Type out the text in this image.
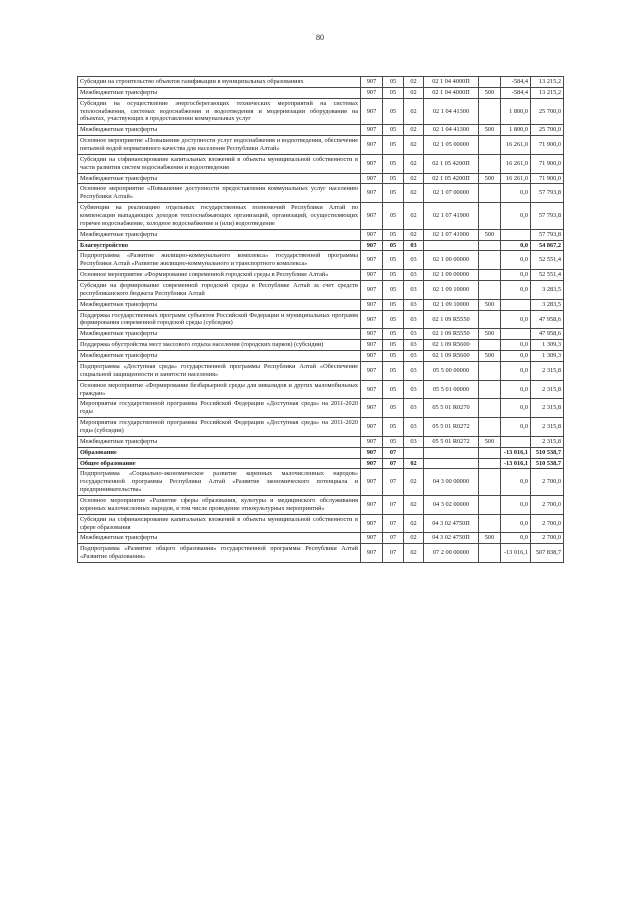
80
Субсидии на строительство объектов газификации в муниципальных образованиях	907	05	02	02 1 04 4000П		-584,4	13 215,2
Межбюджетные трансферты	907	05	02	02 1 04 4000П	500	-584,4	13 215,2
Субсидии на осуществление энергосберегающих технических мероприятий на системах теплоснабжения, системах водоснабжения и водоотведения и модернизации оборудования на объектах, участвующих в предоставлении коммунальных услуг	907	05	02	02 1 04 41300		1 800,0	25 700,0
Межбюджетные трансферты	907	05	02	02 1 04 41300	500	1 800,0	25 700,0
Основное мероприятие «Повышение доступности услуг водоснабжения и водоотведения, обеспечение питьевой водой нормативного качества для населения Республики Алтай»	907	05	02	02 1 05 00000		16 261,0	71 900,0
Субсидии на софинансирование капитальных вложений в объекты муниципальной собственности в части развития систем водоснабжения и водоотведения	907	05	02	02 1 05 4200П		16 261,0	71 900,0
Межбюджетные трансферты	907	05	02	02 1 05 4200П	500	16 261,0	71 900,0
Основное мероприятие «Повышение доступности предоставления коммунальных услуг населению Республики Алтай»	907	05	02	02 1 07 00000		0,0	57 793,8
Субвенции на реализацию отдельных государственных полномочий Республики Алтай по компенсации выпадающих доходов теплоснабжающих организаций, организаций, осуществляющих горячее водоснабжение, холодное водоснабжение и (или) водоотведение	907	05	02	02 1 07 41900		0,0	57 793,8
Межбюджетные трансферты	907	05	02	02 1 07 41900	500		57 793,8
Благоустройство	907	05	03			0,0	54 867,2
Подпрограмма «Развитие жилищно-коммунального комплекса» государственной программы Республики Алтай «Развитие жилищно-коммунального и транспортного комплекса»	907	05	03	02 1 00 00000		0,0	52 551,4
Основное мероприятие «Формирование современной городской среды в Республике Алтай»	907	05	03	02 1 09 00000		0,0	52 551,4
Субсидии на формирование современной городской среды в Республике Алтай за счет средств республиканского бюджета Республики Алтай	907	05	03	02 1 09 10000		0,0	3 283,5
Межбюджетные трансферты	907	05	03	02 1 09 10000	500		3 283,5
Поддержка государственных программ субъектов Российской Федерации и муниципальных программ формирования современной городской среды (субсидии)	907	05	03	02 1 09 R5550		0,0	47 958,6
Межбюджетные трансферты	907	05	03	02 1 09 R5550	500		47 958,6
Поддержка обустройства мест массового отдыха населения (городских парков) (субсидии)	907	05	03	02 1 09 R5600		0,0	1 309,3
Межбюджетные трансферты	907	05	03	02 1 09 R5600	500	0,0	1 309,3
Подпрограмма «Доступная среда» государственной программы Республики Алтай «Обеспечение социальной защищенности и занятости населения»	907	05	03	05 5 00 00000		0,0	2 315,8
Основное мероприятие «Формирование безбарьерной среды для инвалидов и других маломобильных граждан»	907	05	03	05 5 01 00000		0,0	2 315,8
Мероприятия государственной программы Российской Федерации «Доступная среда» на 2011-2020 годы	907	05	03	05 5 01 R0270		0,0	2 315,8
Мероприятия государственной программы Российской Федерации «Доступная среда» на 2011-2020 годы (субсидии)	907	05	03	05 5 01 R0272		0,0	2 315,8
Межбюджетные трансферты	907	05	03	05 5 01 R0272	500		2 315,8
Образование	907	07				-13 016,1	510 538,7
Общее образование	907	07	02			-13 016,1	510 538,7
Подпрограмма «Социально-экономическое развитие коренных малочисленных народов» государственной программы Республики Алтай «Развитие экономического потенциала и предпринимательства»	907	07	02	04 3 00 00000		0,0	2 700,0
Основное мероприятие «Развитие сферы образования, культуры и медицинского обслуживания коренных малочисленных народов, в том числе проведение этнокультурных мероприятий»	907	07	02	04 3 02 00000		0,0	2 700,0
Субсидии на софинансирование капитальных вложений в объекты муниципальной собственности в сфере образования	907	07	02	04 3 02 4750П		0,0	2 700,0
Межбюджетные трансферты	907	07	02	04 3 02 4750П	500	0,0	2 700,0
Подпрограмма «Развитие общего образования» государственной программы Республики Алтай «Развитие образования»	907	07	02	07 2 00 00000		-13 016,1	507 838,7
